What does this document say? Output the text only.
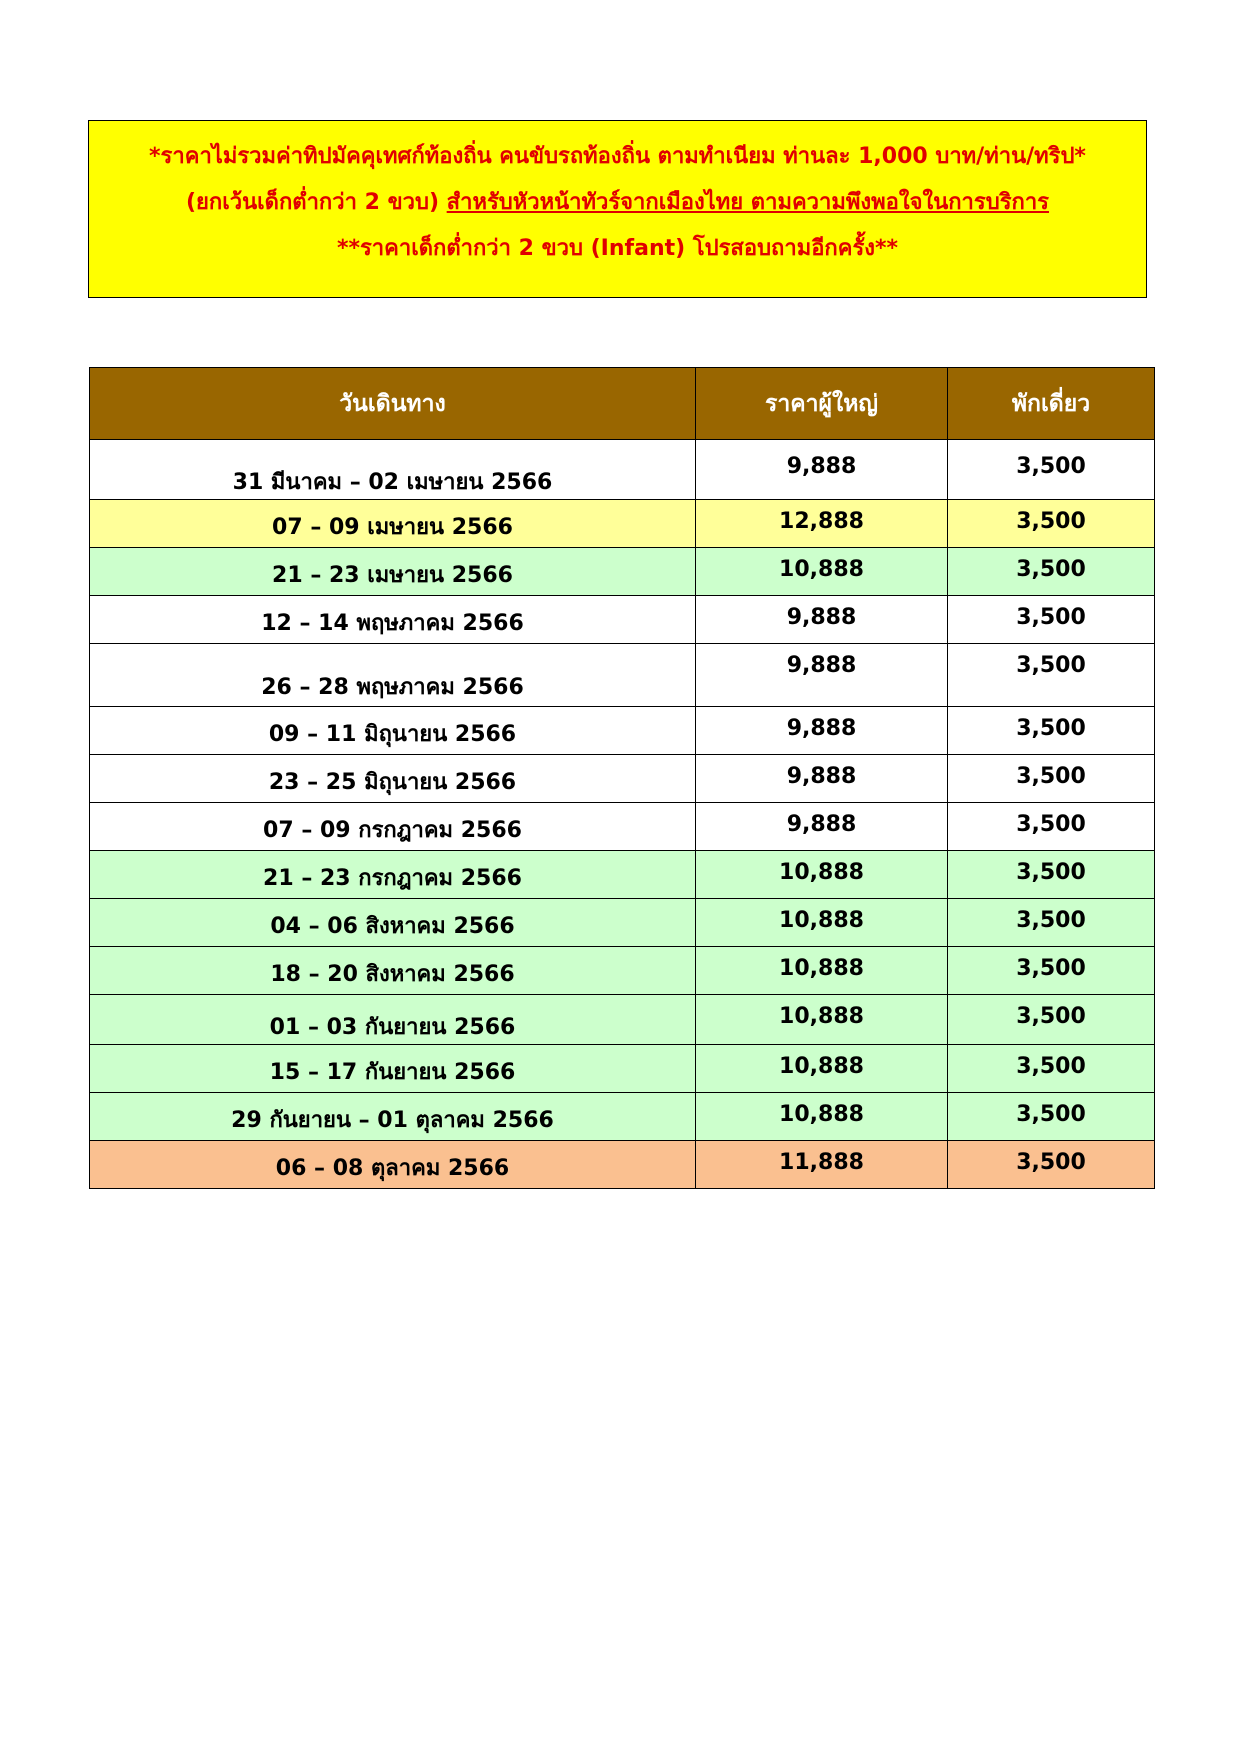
*ราคาไม่รวมค่าทิปมัคคุเทศก์ท้องถิ่น คนขับรถท้องถิ่น ตามทำเนียม ท่านละ 1,000 บาท/ท่าน/ทริป*
(ยกเว้นเด็กต่ำกว่า 2 ขวบ) สำหรับหัวหน้าทัวร์จากเมืองไทย ตามความพึงพอใจในการบริการ
**ราคาเด็กต่ำกว่า 2 ขวบ (Infant) โปรสอบถามอีกครั้ง**
วันเดินทาง	ราคาผู้ใหญ่	พักเดี่ยว
31 มีนาคม – 02 เมษายน 2566	9,888	3,500
07 – 09 เมษายน 2566	12,888	3,500
21 – 23 เมษายน 2566	10,888	3,500
12 – 14 พฤษภาคม 2566	9,888	3,500
26 – 28 พฤษภาคม 2566	9,888	3,500
09 – 11 มิถุนายน 2566	9,888	3,500
23 – 25 มิถุนายน 2566	9,888	3,500
07 – 09 กรกฎาคม 2566	9,888	3,500
21 – 23 กรกฎาคม 2566	10,888	3,500
04 – 06 สิงหาคม 2566	10,888	3,500
18 – 20 สิงหาคม 2566	10,888	3,500
01 – 03 กันยายน 2566	10,888	3,500
15 – 17 กันยายน 2566	10,888	3,500
29 กันยายน – 01 ตุลาคม 2566	10,888	3,500
06 – 08 ตุลาคม 2566	11,888	3,500
